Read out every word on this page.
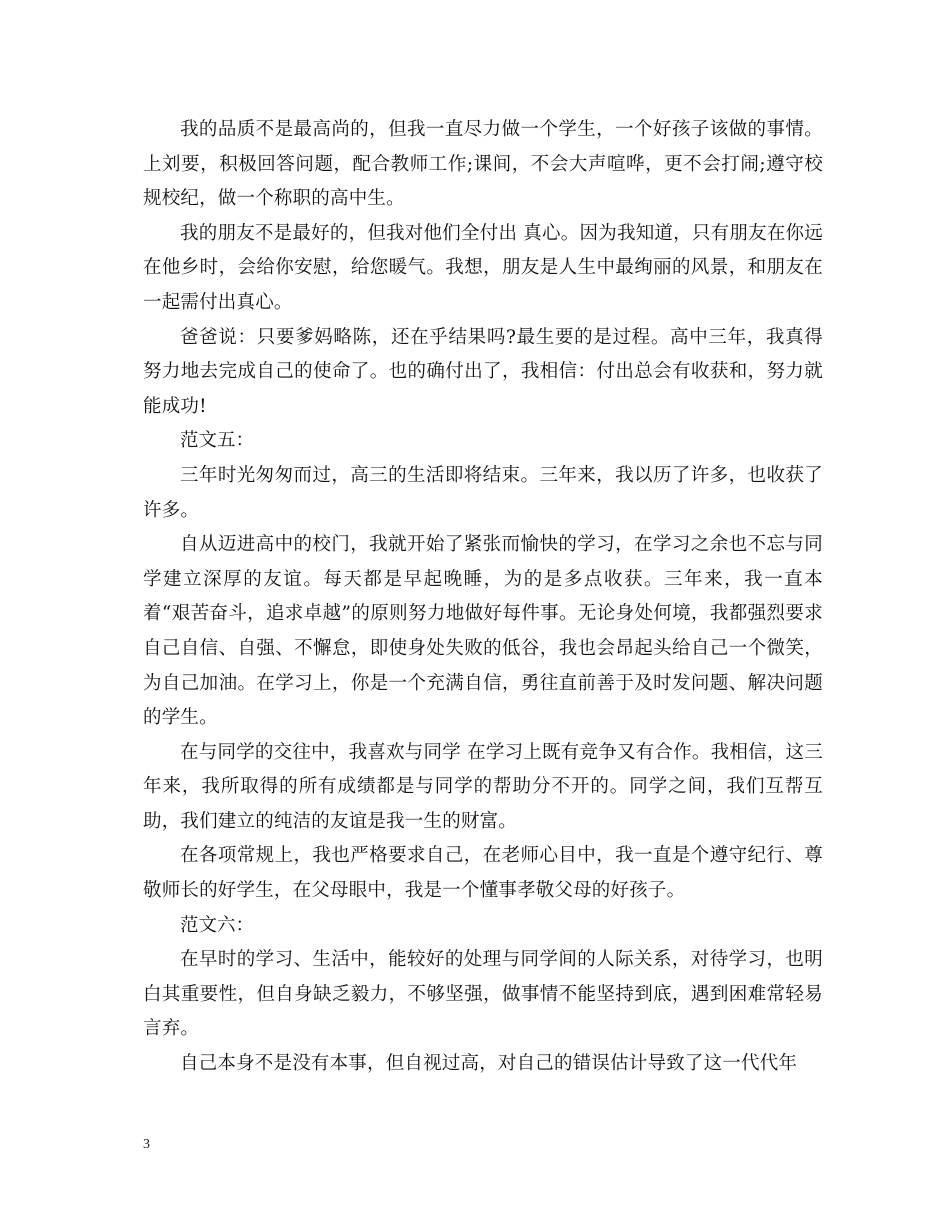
我的品质不是最高尚的，但我一直尽力做一个学生，一个好孩子该做的事情。上刘要，积极回答问题，配合教师工作;课间，不会大声喧哗，更不会打闹;遵守校规校纪，做一个称职的高中生。

我的朋友不是最好的，但我对他们全付出 真心。因为我知道，只有朋友在你远在他乡时，会给你安慰，给您暖气。我想，朋友是人生中最绚丽的风景，和朋友在一起需付出真心。

爸爸说：只要爹妈略陈，还在乎结果吗?最生要的是过程。高中三年，我真得努力地去完成自己的使命了。也的确付出了，我相信：付出总会有收获和，努力就能成功!

范文五：

三年时光匆匆而过，高三的生活即将结束。三年来，我以历了许多，也收获了许多。

自从迈进高中的校门，我就开始了紧张而愉快的学习，在学习之余也不忘与同学建立深厚的友谊。每天都是早起晚睡，为的是多点收获。三年来，我一直本着“艰苦奋斗，追求卓越”的原则努力地做好每件事。无论身处何境，我都强烈要求自己自信、自强、不懈怠，即使身处失败的低谷，我也会昂起头给自己一个微笑，为自己加油。在学习上，你是一个充满自信，勇往直前善于及时发问题、解决问题的学生。

在与同学的交往中，我喜欢与同学 在学习上既有竞争又有合作。我相信，这三年来，我所取得的所有成绩都是与同学的帮助分不开的。同学之间，我们互帮互助，我们建立的纯洁的友谊是我一生的财富。

在各项常规上，我也严格要求自己，在老师心目中，我一直是个遵守纪行、尊敬师长的好学生，在父母眼中，我是一个懂事孝敬父母的好孩子。

范文六：

在早时的学习、生活中，能较好的处理与同学间的人际关系，对待学习，也明白其重要性，但自身缺乏毅力，不够坚强，做事情不能坚持到底，遇到困难常轻易言弃。

自己本身不是没有本事，但自视过高，对自己的错误估计导致了这一代代年

3
